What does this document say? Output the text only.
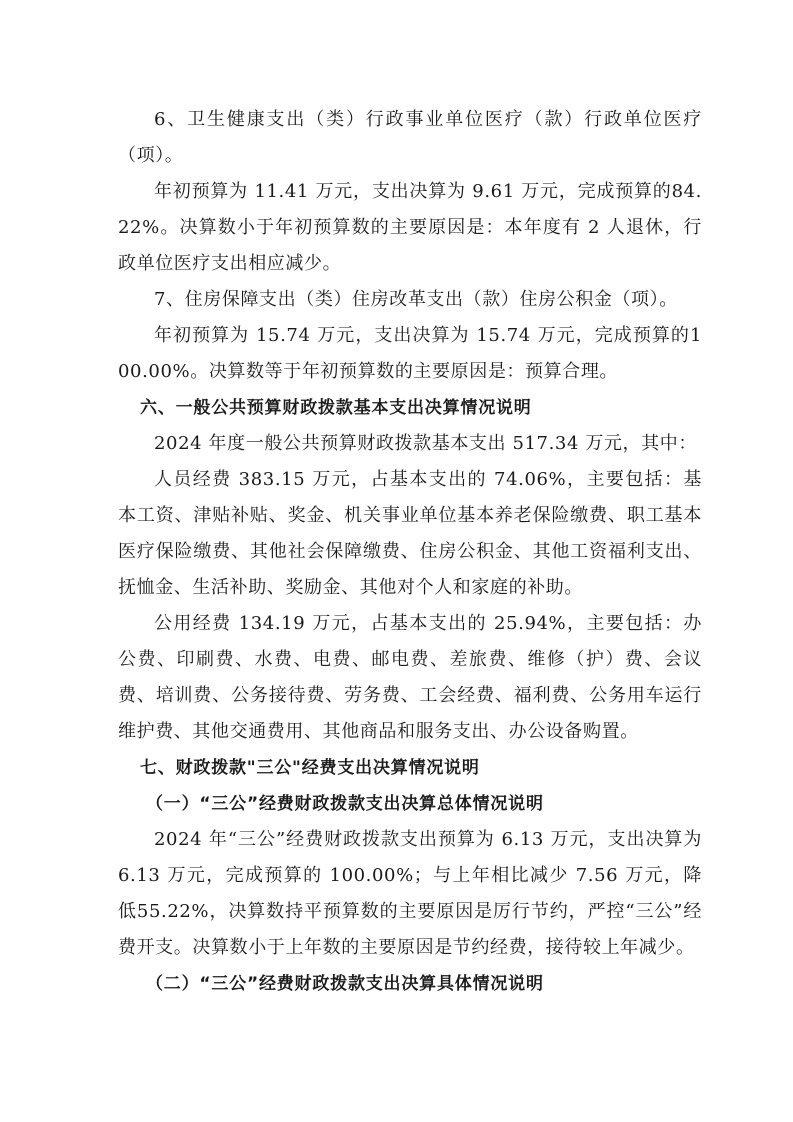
6、卫生健康支出（类）行政事业单位医疗（款）行政单位医疗（项）。

年初预算为 11.41 万元，支出决算为 9.61 万元，完成预算的84.22%。决算数小于年初预算数的主要原因是：本年度有 2 人退休，行政单位医疗支出相应减少。

7、住房保障支出（类）住房改革支出（款）住房公积金（项）。

年初预算为 15.74 万元，支出决算为 15.74 万元，完成预算的100.00%。决算数等于年初预算数的主要原因是：预算合理。

六、一般公共预算财政拨款基本支出决算情况说明

2024 年度一般公共预算财政拨款基本支出 517.34 万元，其中：

人员经费 383.15 万元，占基本支出的 74.06%，主要包括：基本工资、津贴补贴、奖金、机关事业单位基本养老保险缴费、职工基本医疗保险缴费、其他社会保障缴费、住房公积金、其他工资福利支出、抚恤金、生活补助、奖励金、其他对个人和家庭的补助。

公用经费 134.19 万元，占基本支出的 25.94%，主要包括：办公费、印刷费、水费、电费、邮电费、差旅费、维修（护）费、会议费、培训费、公务接待费、劳务费、工会经费、福利费、公务用车运行维护费、其他交通费用、其他商品和服务支出、办公设备购置。

七、财政拨款"三公"经费支出决算情况说明

（一）“三公”经费财政拨款支出决算总体情况说明

2024 年“三公”经费财政拨款支出预算为 6.13 万元，支出决算为 6.13 万元，完成预算的 100.00%；与上年相比减少 7.56 万元，降低55.22%，决算数持平预算数的主要原因是厉行节约，严控“三公”经费开支。决算数小于上年数的主要原因是节约经费，接待较上年减少。

（二）“三公”经费财政拨款支出决算具体情况说明
